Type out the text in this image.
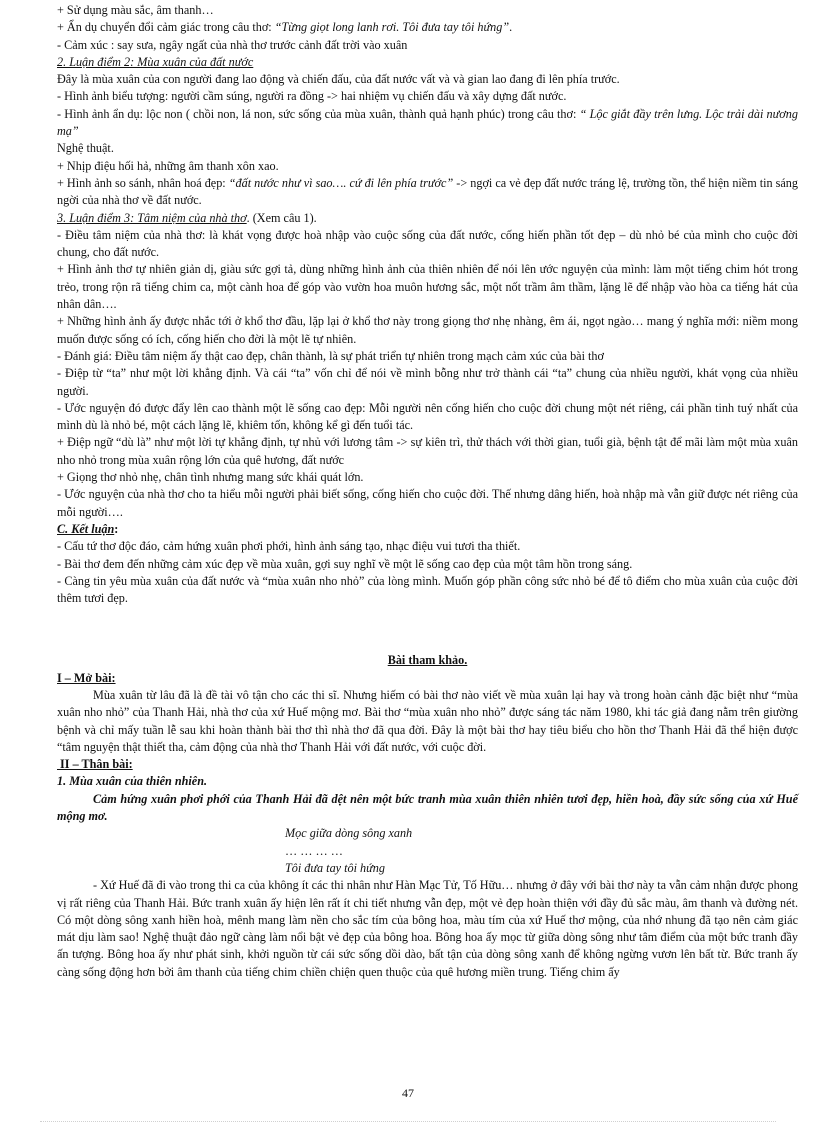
+ Sử dụng màu sắc, âm thanh…

+ Ẩn dụ chuyển đổi cảm giác trong câu thơ: “Từng giọt long lanh rơi. Tôi đưa tay tôi hứng”.

- Cảm xúc : say sưa, ngây ngất của nhà thơ trước cảnh đất trời vào xuân

2. Luận điểm 2: Mùa xuân của đất nước

Đây là mùa xuân của con người đang lao động và chiến đấu, của đất nước vất và và gian lao đang đi lên phía trước.

- Hình ảnh biểu tượng: người cầm súng, người ra đồng -> hai nhiệm vụ chiến đấu và xây dựng đất nước.

- Hình ảnh ẩn dụ: lộc non ( chồi non, lá non, sức sống của mùa xuân, thành quả hạnh phúc) trong câu thơ: “ Lộc giắt đầy trên lưng. Lộc trải dài nương mạ”

Nghệ thuật.

+ Nhịp điệu hối hả, những âm thanh xôn xao.

+ Hình ảnh so sánh, nhân hoá đẹp: “đất nước như vì sao…. cứ đi lên phía trước” -> ngợi ca vẻ đẹp đất nước tráng lệ, trường tồn, thể hiện niềm tin sáng ngời của nhà thơ về đất nước.

3. Luận điểm 3: Tâm niệm của nhà thơ. (Xem câu 1).

- Điều tâm niệm của nhà thơ: là khát vọng được hoà nhập vào cuộc sống của đất nước, cống hiến phần tốt đẹp – dù nhỏ bé của mình cho cuộc đời chung, cho đất nước.

+ Hình ảnh thơ tự nhiên giản dị, giàu sức gợi tả, dùng những hình ảnh của thiên nhiên để nói lên ước nguyện của mình: làm một tiếng chim hót trong trẻo, trong rộn rã tiếng chim ca, một cành hoa để góp vào vườn hoa muôn hương sắc, một nốt trầm âm thầm, lặng lẽ để nhập vào hòa ca tiếng hát của nhân dân….

+ Những hình ảnh ấy được nhắc tới ở khổ thơ đầu, lặp lại ở khổ thơ này trong giọng thơ nhẹ nhàng, êm ái, ngọt ngào… mang ý nghĩa mới: niềm mong muốn được sống có ích, cống hiến cho đời là một lẽ tự nhiên.

- Đánh giá: Điều tâm niệm ấy thật cao đẹp, chân thành, là sự phát triển tự nhiên trong mạch cảm xúc của bài thơ

- Điệp từ “ta” như một lời khẳng định. Và cái “ta” vốn chỉ để nói về mình bỗng như trở thành cái “ta” chung của nhiều người, khát vọng của nhiều người.

- Ước nguyện đó được đẩy lên cao thành một lẽ sống cao đẹp: Mỗi người nên cống hiến cho cuộc đời chung một nét riêng, cái phần tinh tuý nhất của mình dù là nhỏ bé, một cách lặng lẽ, khiêm tốn, không kể gì đến tuổi tác.

+ Điệp ngữ “dù là” như một lời tự khẳng định, tự nhủ với lương tâm -> sự kiên trì, thử thách với thời gian, tuổi già, bệnh tật để mãi làm một mùa xuân nho nhỏ trong mùa xuân rộng lớn của quê hương, đất nước

+ Giọng thơ nhỏ nhẹ, chân tình nhưng mang sức khái quát lớn.

- Ước nguyện của nhà thơ cho ta hiểu mỗi người phải biết sống, cống hiến cho cuộc đời. Thế nhưng dâng hiến, hoà nhập mà vẫn giữ được nét riêng của mỗi người….

C. Kết luận:

- Cấu tứ thơ độc đáo, cảm hứng xuân phơi phới, hình ảnh sáng tạo, nhạc điệu vui tươi tha thiết.

- Bài thơ đem đến những cảm xúc đẹp về mùa xuân, gợi suy nghĩ về một lẽ sống cao đẹp của một tâm hồn trong sáng.

- Càng tin yêu mùa xuân của đất nước và “mùa xuân nho nhỏ” của lòng mình. Muốn góp phần công sức nhỏ bé để tô điểm cho mùa xuân của cuộc đời thêm tươi đẹp.

Bài tham khảo.

I – Mở bài:

Mùa xuân từ lâu đã là đề tài vô tận cho các thi sĩ. Nhưng hiếm có bài thơ nào viết về mùa xuân lại hay và trong hoàn cảnh đặc biệt như “mùa xuân nho nhỏ” của Thanh Hải, nhà thơ của xứ Huế mộng mơ. Bài thơ “mùa xuân nho nhỏ” được sáng tác năm 1980, khi tác giả đang nằm trên giường bệnh và chỉ mấy tuần lễ sau khi hoàn thành bài thơ thì nhà thơ đã qua đời. Đây là một bài thơ hay tiêu biểu cho hồn thơ Thanh Hải đã thể hiện được “tâm nguyện thật thiết tha, cảm động của nhà thơ Thanh Hải với đất nước, với cuộc đời.

II – Thân bài:

1. Mùa xuân của thiên nhiên.

Cảm hứng xuân phơi phới của Thanh Hải đã dệt nên một bức tranh mùa xuân thiên nhiên tươi đẹp, hiền hoà, đầy sức sống của xứ Huế mộng mơ.

Mọc giữa dòng sông xanh

… … … …

Tôi đưa tay tôi hứng

- Xứ Huế đã đi vào trong thi ca của không ít các thi nhân như Hàn Mạc Tử, Tố Hữu… nhưng ở đây với bài thơ này ta vẫn cảm nhận được phong vị rất riêng của Thanh Hải. Bức tranh xuân ấy hiện lên rất ít chi tiết nhưng vẫn đẹp, một vẻ đẹp hoàn thiện với đầy đủ sắc màu, âm thanh và đường nét. Có một dòng sông xanh hiền hoà, mênh mang làm nền cho sắc tím của bông hoa, màu tím của xứ Huế thơ mộng, của nhớ nhung đã tạo nên cảm giác mát dịu làm sao! Nghệ thuật đảo ngữ càng làm nổi bật vẻ đẹp của bông hoa. Bông hoa ấy mọc từ giữa dòng sông như tâm điểm của một bức tranh đầy ấn tượng. Bông hoa ấy như phát sinh, khởi nguồn từ cái sức sống dồi dào, bất tận của dòng sông xanh để không ngừng vươn lên bất từ. Bức tranh ấy càng sống động hơn bởi âm thanh của tiếng chim chiền chiện quen thuộc của quê hương miền trung. Tiếng chim ấy

47
